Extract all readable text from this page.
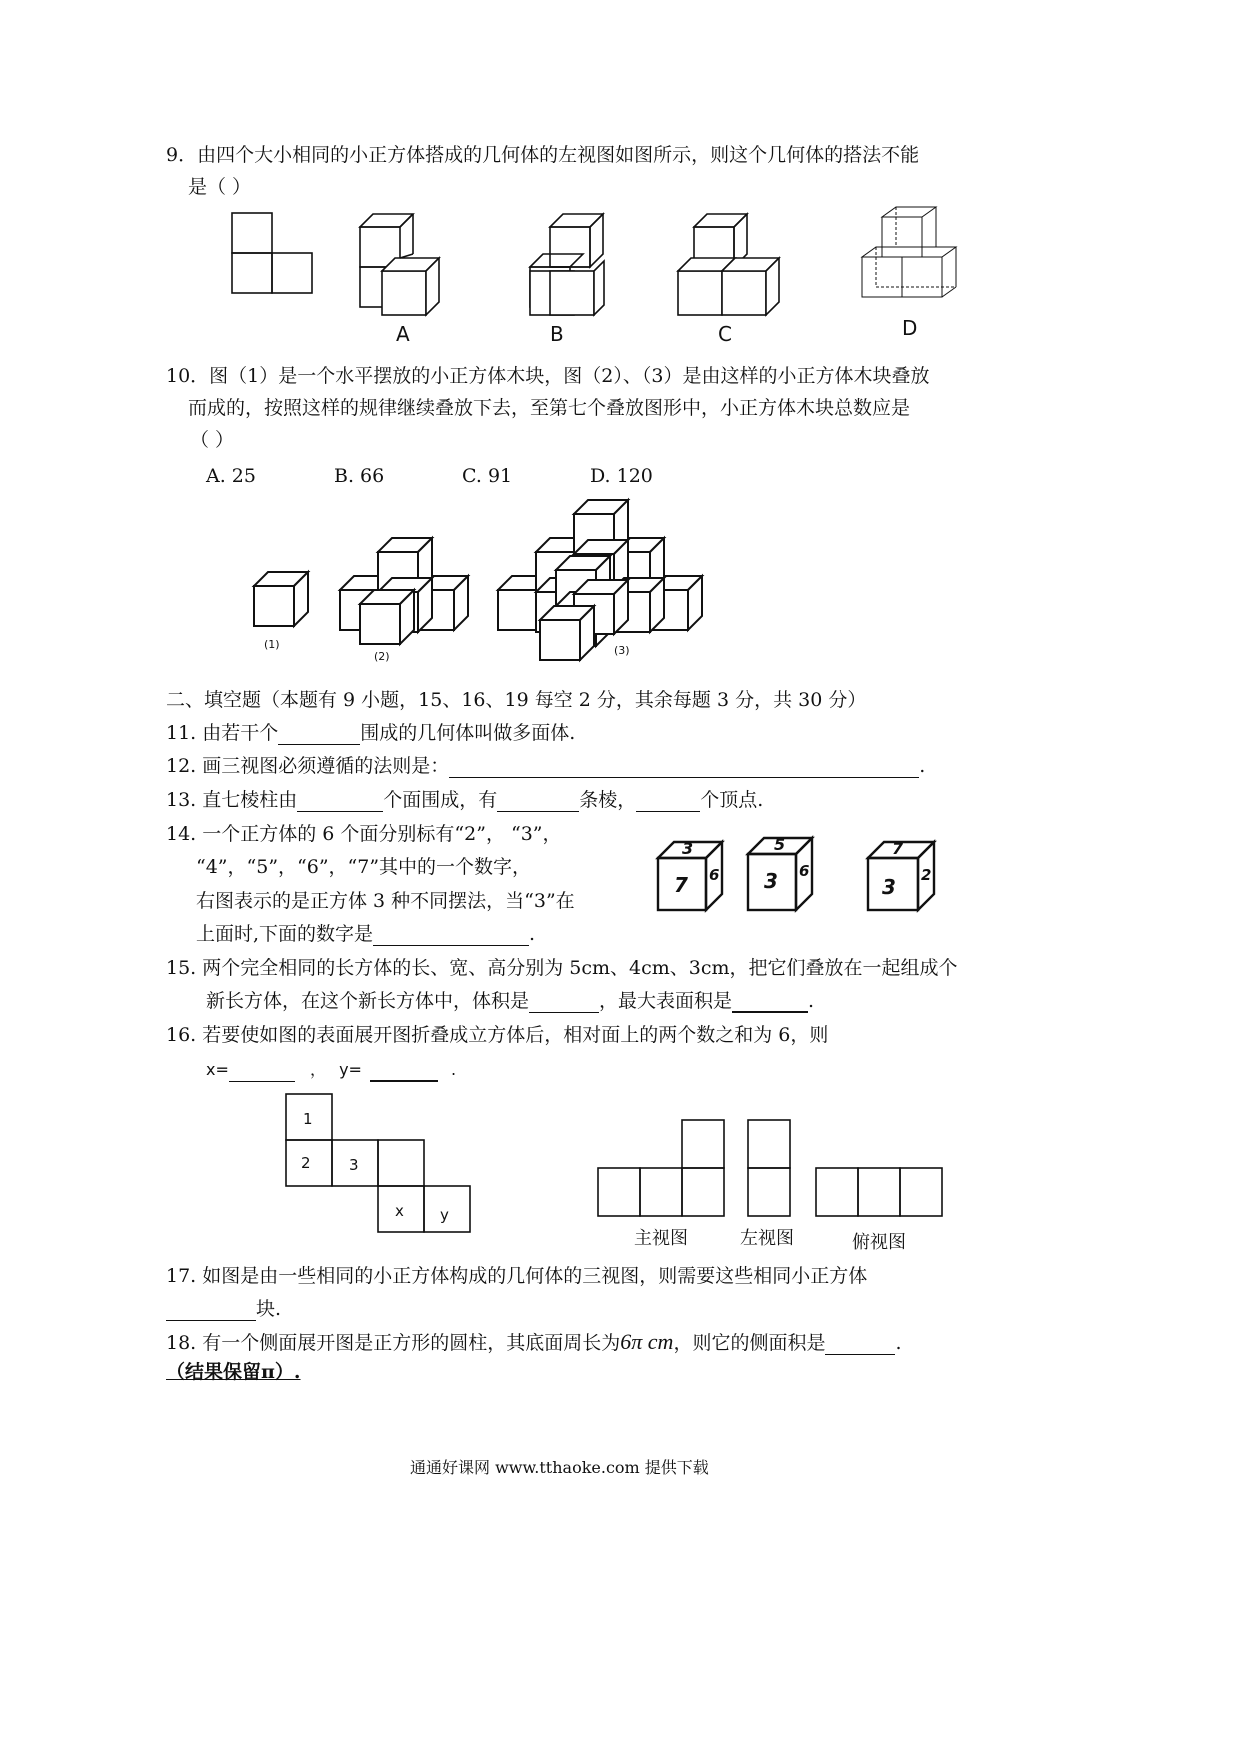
9．由四个大小相同的小正方体搭成的几何体的左视图如图所示，则这个几何体的搭法不能
是（ ）
A	B	C	D
10．图（1）是一个水平摆放的小正方体木块，图（2）、（3）是由这样的小正方体木块叠放
而成的，按照这样的规律继续叠放下去，至第七个叠放图形中，小正方体木块总数应是
（ ）
A. 25	B. 66	C. 91	D. 120
(1)
(2)	(3)
二、填空题（本题有 9 小题，15、16、19 每空 2 分，其余每题 3 分，共 30 分）
11. 由若干个	围成的几何体叫做多面体.
12. 画三视图必须遵循的法则是：	.
13. 直七棱柱由	个面围成，有	条棱，	个顶点.
14. 一个正方体的 6 个面分别标有“2”， “3”，
“4”，“5”，“6”，“7”其中的一个数字，
右图表示的是正方体 3 种不同摆法，当“3”在
上面时,下面的数字是	.
3
7 6
5
3 6
7
3 2
15. 两个完全相同的长方体的长、宽、高分别为 5cm、4cm、3cm，把它们叠放在一起组成个
新长方体，在这个新长方体中，体积是	，最大表面积是	.
16. 若要使如图的表面展开图折叠成立方体后，相对面上的两个数之和为 6，则
x=	， y=	.
1
2	3
x y
主视图	左视图	俯视图
17. 如图是由一些相同的小正方体构成的几何体的三视图，则需要这些相同小正方体
块.
18. 有一个侧面展开图是正方形的圆柱，其底面周长为6π cm，则它的侧面积是	.
（结果保留π）.
通通好课网 www.tthaoke.com 提供下载
